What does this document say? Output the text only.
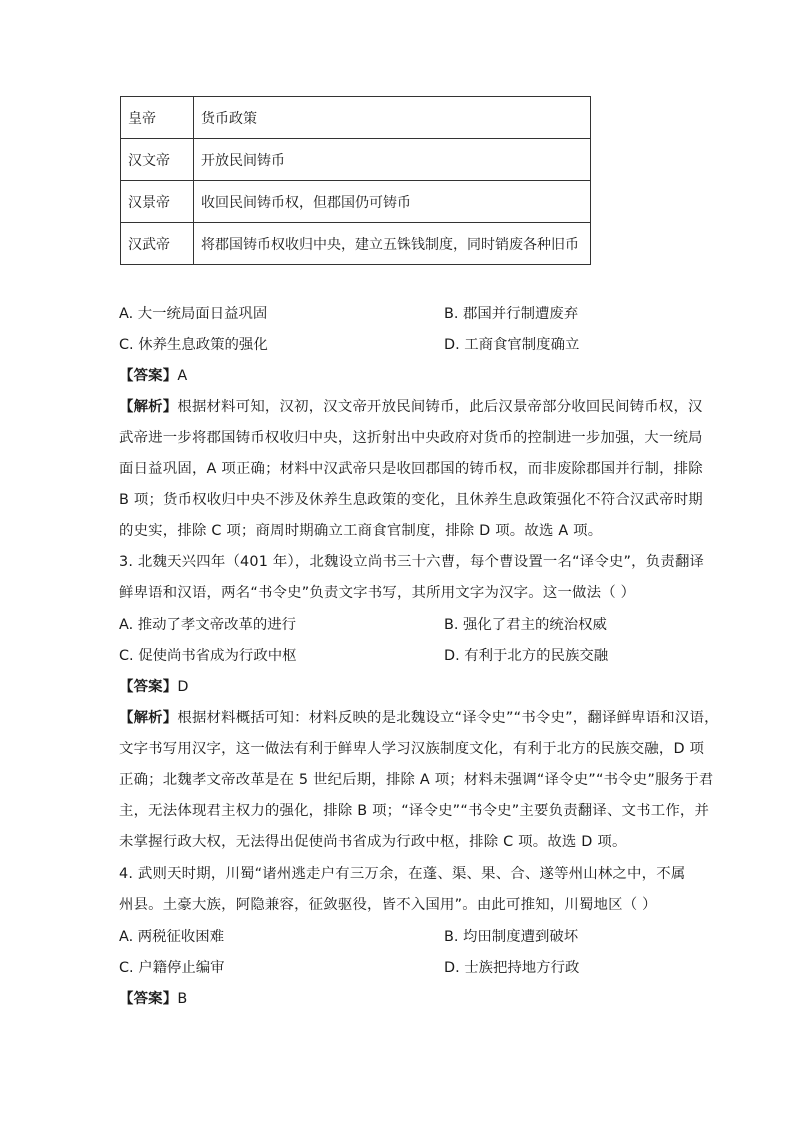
皇帝	货币政策
汉文帝	开放民间铸币
汉景帝	收回民间铸币权，但郡国仍可铸币
汉武帝	将郡国铸币权收归中央，建立五铢钱制度，同时销废各种旧币
A. 大一统局面日益巩固	B. 郡国并行制遭废弃
C. 休养生息政策的强化	D. 工商食官制度确立
【答案】A
【解析】根据材料可知，汉初，汉文帝开放民间铸币，此后汉景帝部分收回民间铸币权，汉
武帝进一步将郡国铸币权收归中央，这折射出中央政府对货币的控制进一步加强，大一统局
面日益巩固，A 项正确；材料中汉武帝只是收回郡国的铸币权，而非废除郡国并行制，排除
B 项；货币权收归中央不涉及休养生息政策的变化，且休养生息政策强化不符合汉武帝时期
的史实，排除 C 项；商周时期确立工商食官制度，排除 D 项。故选 A 项。
3. 北魏天兴四年（401 年），北魏设立尚书三十六曹，每个曹设置一名“译令史”，负责翻译
鲜卑语和汉语，两名“书令史”负责文字书写，其所用文字为汉字。这一做法（ ）
A. 推动了孝文帝改革的进行	B. 强化了君主的统治权威
C. 促使尚书省成为行政中枢	D. 有利于北方的民族交融
【答案】D
【解析】根据材料概括可知：材料反映的是北魏设立“译令史”“书令史”，翻译鲜卑语和汉语，
文字书写用汉字，这一做法有利于鲜卑人学习汉族制度文化，有利于北方的民族交融，D 项
正确；北魏孝文帝改革是在 5 世纪后期，排除 A 项；材料未强调“译令史”“书令史”服务于君
主，无法体现君主权力的强化，排除 B 项；“译令史”“书令史”主要负责翻译、文书工作，并
未掌握行政大权，无法得出促使尚书省成为行政中枢，排除 C 项。故选 D 项。
4. 武则天时期，川蜀“诸州逃走户有三万余，在蓬、渠、果、合、遂等州山林之中，不属
州县。土豪大族，阿隐兼容，征敛驱役，皆不入国用”。由此可推知，川蜀地区（ ）
A. 两税征收困难	B. 均田制度遭到破坏
C. 户籍停止编审	D. 士族把持地方行政
【答案】B
